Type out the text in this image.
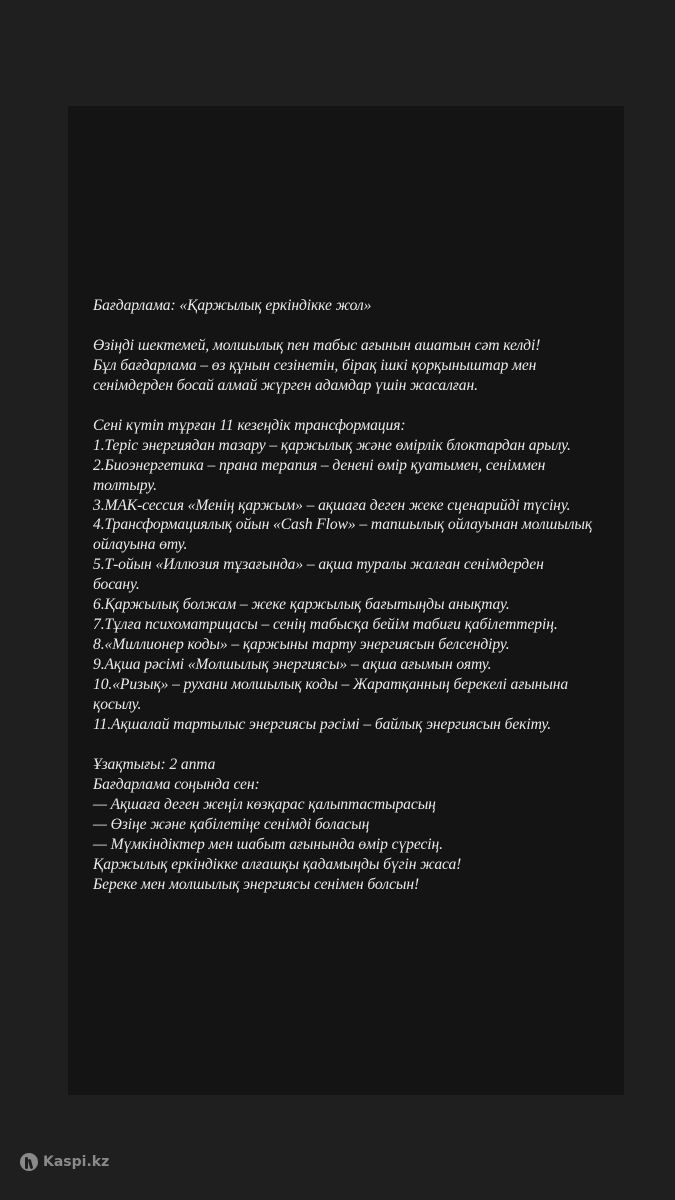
Бағдарлама: «Қаржылық еркіндікке жол»
Өзіңді шектемей, молшылық пен табыс ағынын ашатын сәт келді!
Бұл бағдарлама – өз құнын сезінетін, бірақ ішкі қорқыныштар мен сенімдерден босай алмай жүрген адамдар үшін жасалған.
Сені күтіп тұрған 11 кезеңдік трансформация:
1.Теріс энергиядан тазару – қаржылық және өмірлік блоктардан арылу.
2.Биоэнергетика – прана терапия – денені өмір қуатымен, сеніммен толтыру.
3.МАК-сессия «Менің қаржым» – ақшаға деген жеке сценарийді түсіну.
4.Трансформациялық ойын «Cash Flow» – тапшылық ойлауынан молшылық ойлауына өту.
5.Т-ойын «Иллюзия тұзағында» – ақша туралы жалған сенімдерден босану.
6.Қаржылық болжам – жеке қаржылық бағытыңды анықтау.
7.Тұлға психоматрицасы – сенің табысқа бейім табиғи қабілеттерің.
8.«Миллионер коды» – қаржыны тарту энергиясын белсендіру.
9.Ақша рәсімі «Молшылық энергиясы» – ақша ағымын ояту.
10.«Ризық» – рухани молшылық коды – Жаратқанның берекелі ағынына қосылу.
11.Ақшалай тартылыс энергиясы рәсімі – байлық энергиясын бекіту.
Ұзақтығы: 2 апта
Бағдарлама соңында сен:
— Ақшаға деген жеңіл көзқарас қалыптастырасың
— Өзіңе және қабілетіңе сенімді боласың
— Мүмкіндіктер мен шабыт ағынында өмір сүресің.
Қаржылық еркіндікке алғашқы қадамыңды бүгін жаса!
Береке мен молшылық энергиясы сенімен болсын!
Kaspi.kz
